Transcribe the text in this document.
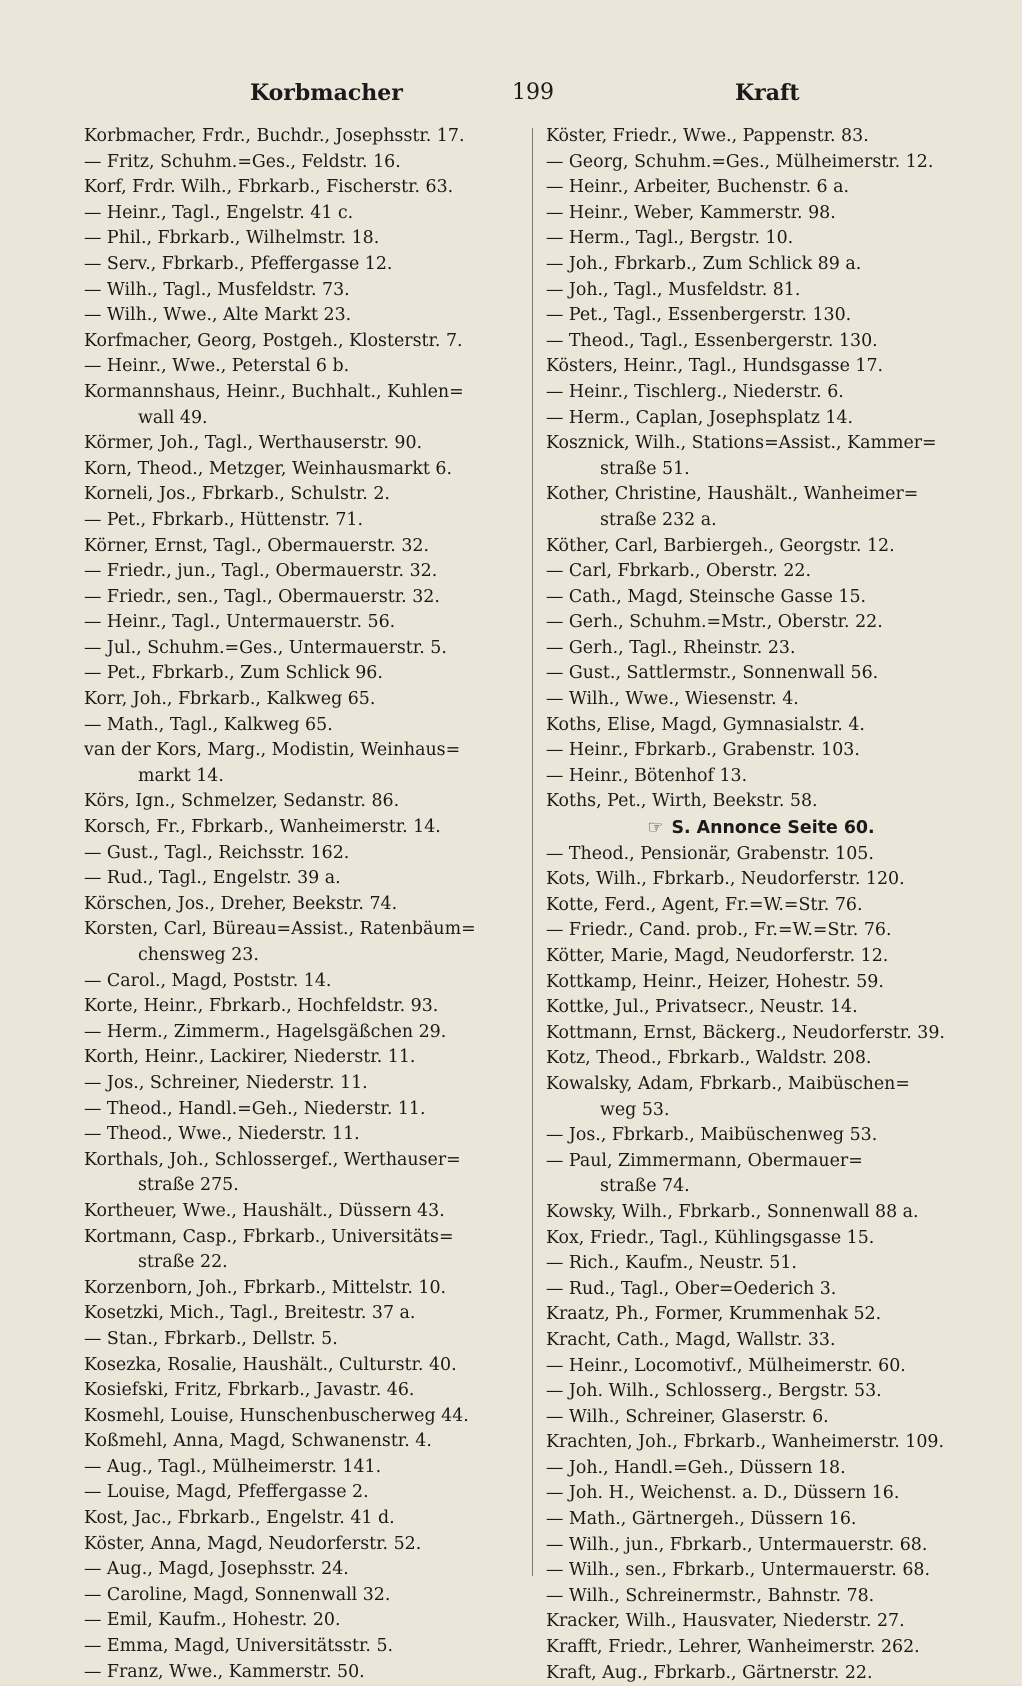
Korbmacher	199	Kraft
Korbmacher, Frdr., Buchdr., Josephsstr. 17.
— Fritz, Schuhm.=Ges., Feldstr. 16.
Korf, Frdr. Wilh., Fbrkarb., Fischerstr. 63.
— Heinr., Tagl., Engelstr. 41 c.
— Phil., Fbrkarb., Wilhelmstr. 18.
— Serv., Fbrkarb., Pfeffergasse 12.
— Wilh., Tagl., Musfeldstr. 73.
— Wilh., Wwe., Alte Markt 23.
Korfmacher, Georg, Postgeh., Klosterstr. 7.
— Heinr., Wwe., Peterstal 6 b.
Kormannshaus, Heinr., Buchhalt., Kuhlen=
wall 49.
Körmer, Joh., Tagl., Werthauserstr. 90.
Korn, Theod., Metzger, Weinhausmarkt 6.
Korneli, Jos., Fbrkarb., Schulstr. 2.
— Pet., Fbrkarb., Hüttenstr. 71.
Körner, Ernst, Tagl., Obermauerstr. 32.
— Friedr., jun., Tagl., Obermauerstr. 32.
— Friedr., sen., Tagl., Obermauerstr. 32.
— Heinr., Tagl., Untermauerstr. 56.
— Jul., Schuhm.=Ges., Untermauerstr. 5.
— Pet., Fbrkarb., Zum Schlick 96.
Korr, Joh., Fbrkarb., Kalkweg 65.
— Math., Tagl., Kalkweg 65.
van der Kors, Marg., Modistin, Weinhaus=
markt 14.
Körs, Ign., Schmelzer, Sedanstr. 86.
Korsch, Fr., Fbrkarb., Wanheimerstr. 14.
— Gust., Tagl., Reichsstr. 162.
— Rud., Tagl., Engelstr. 39 a.
Körschen, Jos., Dreher, Beekstr. 74.
Korsten, Carl, Büreau=Assist., Ratenbäum=
chensweg 23.
— Carol., Magd, Poststr. 14.
Korte, Heinr., Fbrkarb., Hochfeldstr. 93.
— Herm., Zimmerm., Hagelsgäßchen 29.
Korth, Heinr., Lackirer, Niederstr. 11.
— Jos., Schreiner, Niederstr. 11.
— Theod., Handl.=Geh., Niederstr. 11.
— Theod., Wwe., Niederstr. 11.
Korthals, Joh., Schlossergef., Werthauser=
straße 275.
Kortheuer, Wwe., Haushält., Düssern 43.
Kortmann, Casp., Fbrkarb., Universitäts=
straße 22.
Korzenborn, Joh., Fbrkarb., Mittelstr. 10.
Kosetzki, Mich., Tagl., Breitestr. 37 a.
— Stan., Fbrkarb., Dellstr. 5.
Kosezka, Rosalie, Haushält., Culturstr. 40.
Kosiefski, Fritz, Fbrkarb., Javastr. 46.
Kosmehl, Louise, Hunschenbuscherweg 44.
Koßmehl, Anna, Magd, Schwanenstr. 4.
— Aug., Tagl., Mülheimerstr. 141.
— Louise, Magd, Pfeffergasse 2.
Kost, Jac., Fbrkarb., Engelstr. 41 d.
Köster, Anna, Magd, Neudorferstr. 52.
— Aug., Magd, Josephsstr. 24.
— Caroline, Magd, Sonnenwall 32.
— Emil, Kaufm., Hohestr. 20.
— Emma, Magd, Universitätsstr. 5.
— Franz, Wwe., Kammerstr. 50.
Köster, Friedr., Wwe., Pappenstr. 83.
— Georg, Schuhm.=Ges., Mülheimerstr. 12.
— Heinr., Arbeiter, Buchenstr. 6 a.
— Heinr., Weber, Kammerstr. 98.
— Herm., Tagl., Bergstr. 10.
— Joh., Fbrkarb., Zum Schlick 89 a.
— Joh., Tagl., Musfeldstr. 81.
— Pet., Tagl., Essenbergerstr. 130.
— Theod., Tagl., Essenbergerstr. 130.
Kösters, Heinr., Tagl., Hundsgasse 17.
— Heinr., Tischlerg., Niederstr. 6.
— Herm., Caplan, Josephsplatz 14.
Kosznick, Wilh., Stations=Assist., Kammer=
straße 51.
Kother, Christine, Haushält., Wanheimer=
straße 232 a.
Köther, Carl, Barbiergeh., Georgstr. 12.
— Carl, Fbrkarb., Oberstr. 22.
— Cath., Magd, Steinsche Gasse 15.
— Gerh., Schuhm.=Mstr., Oberstr. 22.
— Gerh., Tagl., Rheinstr. 23.
— Gust., Sattlermstr., Sonnenwall 56.
— Wilh., Wwe., Wiesenstr. 4.
Koths, Elise, Magd, Gymnasialstr. 4.
— Heinr., Fbrkarb., Grabenstr. 103.
— Heinr., Bötenhof 13.
Koths, Pet., Wirth, Beekstr. 58.
☞ S. Annonce Seite 60.
— Theod., Pensionär, Grabenstr. 105.
Kots, Wilh., Fbrkarb., Neudorferstr. 120.
Kotte, Ferd., Agent, Fr.=W.=Str. 76.
— Friedr., Cand. prob., Fr.=W.=Str. 76.
Kötter, Marie, Magd, Neudorferstr. 12.
Kottkamp, Heinr., Heizer, Hohestr. 59.
Kottke, Jul., Privatsecr., Neustr. 14.
Kottmann, Ernst, Bäckerg., Neudorferstr. 39.
Kotz, Theod., Fbrkarb., Waldstr. 208.
Kowalsky, Adam, Fbrkarb., Maibüschen=
weg 53.
— Jos., Fbrkarb., Maibüschenweg 53.
— Paul, Zimmermann, Obermauer=
straße 74.
Kowsky, Wilh., Fbrkarb., Sonnenwall 88 a.
Kox, Friedr., Tagl., Kühlingsgasse 15.
— Rich., Kaufm., Neustr. 51.
— Rud., Tagl., Ober=Oederich 3.
Kraatz, Ph., Former, Krummenhak 52.
Kracht, Cath., Magd, Wallstr. 33.
— Heinr., Locomotivf., Mülheimerstr. 60.
— Joh. Wilh., Schlosserg., Bergstr. 53.
— Wilh., Schreiner, Glaserstr. 6.
Krachten, Joh., Fbrkarb., Wanheimerstr. 109.
— Joh., Handl.=Geh., Düssern 18.
— Joh. H., Weichenst. a. D., Düssern 16.
— Math., Gärtnergeh., Düssern 16.
— Wilh., jun., Fbrkarb., Untermauerstr. 68.
— Wilh., sen., Fbrkarb., Untermauerstr. 68.
— Wilh., Schreinermstr., Bahnstr. 78.
Kracker, Wilh., Hausvater, Niederstr. 27.
Krafft, Friedr., Lehrer, Wanheimerstr. 262.
Kraft, Aug., Fbrkarb., Gärtnerstr. 22.
